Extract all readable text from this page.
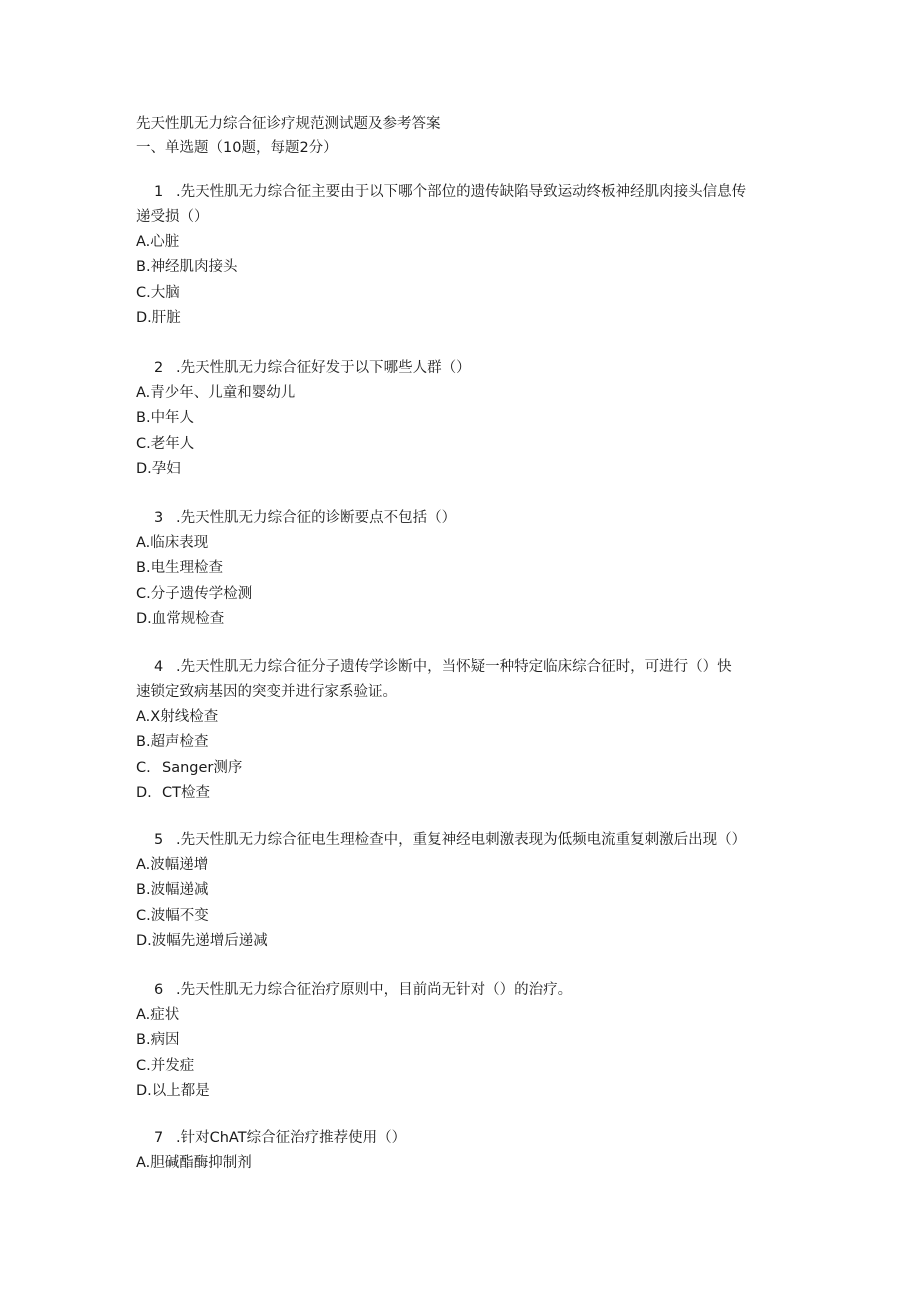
先天性肌无力综合征诊疗规范测试题及参考答案
一、单选题（10题，每题2分）
1 .先天性肌无力综合征主要由于以下哪个部位的遗传缺陷导致运动终板神经肌肉接头信息传
递受损（）
A.心脏
B.神经肌肉接头
C.大脑
D.肝脏
2 .先天性肌无力综合征好发于以下哪些人群（）
A.青少年、儿童和婴幼儿
B.中年人
C.老年人
D.孕妇
3 .先天性肌无力综合征的诊断要点不包括（）
A.临床表现
B.电生理检查
C.分子遗传学检测
D.血常规检查
4 .先天性肌无力综合征分子遗传学诊断中，当怀疑一种特定临床综合征时，可进行（）快
速锁定致病基因的突变并进行家系验证。
A.X射线检查
B.超声检查
C. Sanger测序
D. CT检查
5 .先天性肌无力综合征电生理检查中，重复神经电刺激表现为低频电流重复刺激后出现（）
A.波幅递增
B.波幅递减
C.波幅不变
D.波幅先递增后递减
6 .先天性肌无力综合征治疗原则中，目前尚无针对（）的治疗。
A.症状
B.病因
C.并发症
D.以上都是
7 .针对ChAT综合征治疗推荐使用（）
A.胆碱酯酶抑制剂
